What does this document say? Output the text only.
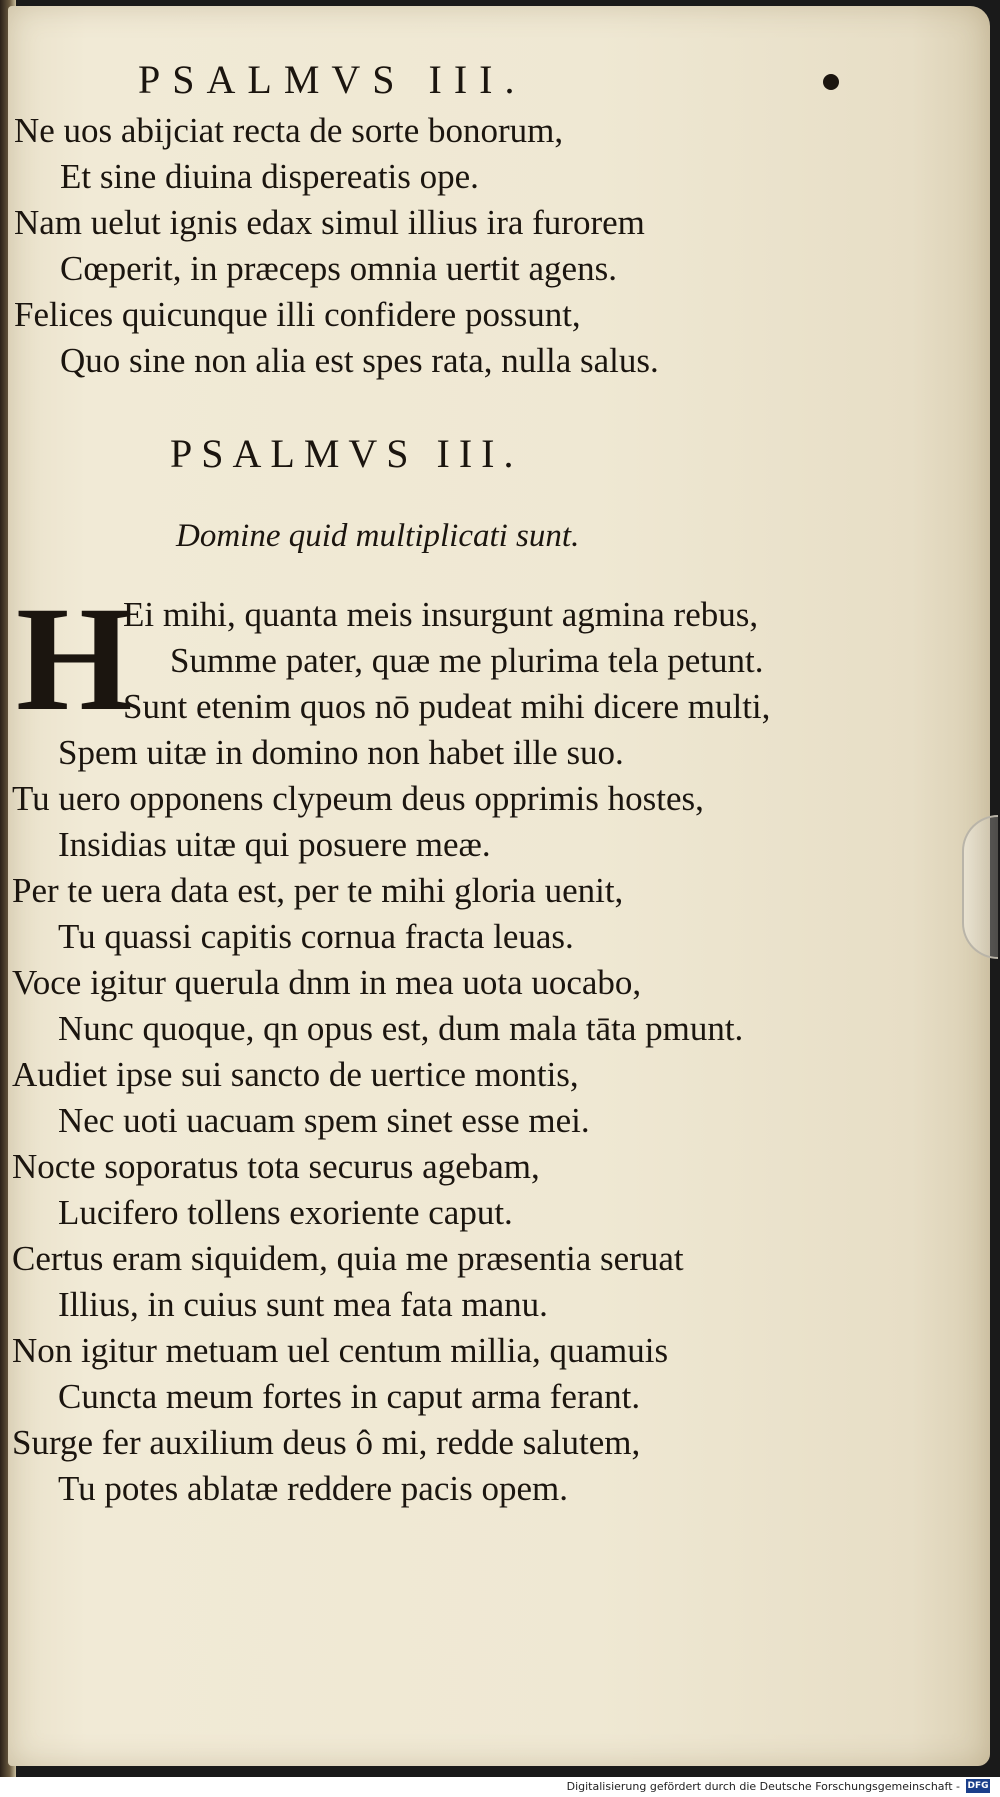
PSALMVS III.
Ne uos abijciat recta de sorte bonorum,
Et sine diuina dispereatis ope.
Nam uelut ignis edax simul illius ira furorem
Cœperit, in præceps omnia uertit agens.
Felices quicunque illi confidere possunt,
Quo sine non alia est spes rata, nulla salus.
PSALMVS III.
Domine quid multiplicati sunt.
H
Ei mihi, quanta meis insurgunt agmina rebus,
Summe pater, quæ me plurima tela petunt.
Sunt etenim quos nō pudeat mihi dicere multi,
Spem uitæ in domino non habet ille suo.
Tu uero opponens clypeum deus opprimis hostes,
Insidias uitæ qui posuere meæ.
Per te uera data est, per te mihi gloria uenit,
Tu quassi capitis cornua fracta leuas.
Voce igitur querula dnm in mea uota uocabo,
Nunc quoque, qn opus est, dum mala tāta pmunt.
Audiet ipse sui sancto de uertice montis,
Nec uoti uacuam spem sinet esse mei.
Nocte soporatus tota securus agebam,
Lucifero tollens exoriente caput.
Certus eram siquidem, quia me præsentia seruat
Illius, in cuius sunt mea fata manu.
Non igitur metuam uel centum millia, quamuis
Cuncta meum fortes in caput arma ferant.
Surge fer auxilium deus ô mi, redde salutem,
Tu potes ablatæ reddere pacis opem.
Digitalisierung gefördert durch die Deutsche Forschungsgemeinschaft - DFG
